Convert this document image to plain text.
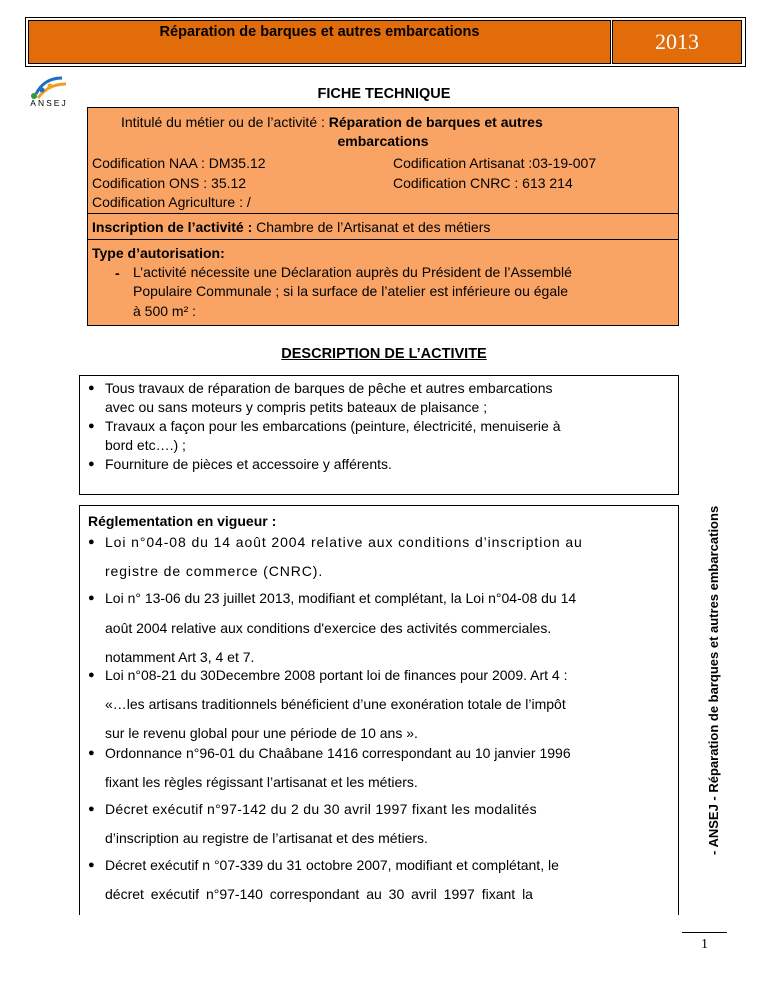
Réparation de barques et autres embarcations	2013
ANSEJ
FICHE TECHNIQUE
Intitulé du métier ou de l’activité : Réparation de barques et autres
embarcations
Codification NAA : DM35.12
Codification ONS : 35.12
Codification Agriculture : /
Codification Artisanat :03-19-007
Codification CNRC : 613 214
Inscription de l’activité : Chambre de l’Artisanat et des métiers
Type d’autorisation:
- L’activité nécessite une Déclaration auprès du Président de l’Assemblé
Populaire Communale ; si la surface de l’atelier est inférieure ou égale
à 500 m² :
DESCRIPTION DE L’ACTIVITE
● Tous travaux de réparation de barques de pêche et autres embarcations
avec ou sans moteurs y compris petits bateaux de plaisance ;
● Travaux a façon pour les embarcations (peinture, électricité, menuiserie à
bord etc….) ;
● Fourniture de pièces et accessoire y afférents.
Réglementation en vigueur :
● Loi n°04-08 du 14 août 2004 relative aux conditions d’inscription au
registre de commerce (CNRC).
● Loi n° 13-06 du 23 juillet 2013, modifiant et complétant, la Loi n°04-08 du 14
août 2004 relative aux conditions d'exercice des activités commerciales.
notamment Art 3, 4 et 7.
● Loi n°08-21 du 30Decembre 2008 portant loi de finances pour 2009. Art 4 :
«…les artisans traditionnels bénéficient d’une exonération totale de l’impôt
sur le revenu global pour une période de 10 ans ».
● Ordonnance n°96-01 du Chaâbane 1416 correspondant au 10 janvier 1996
fixant les règles régissant l’artisanat et les métiers.
● Décret exécutif n°97-142 du 2 du 30 avril 1997 fixant les modalités
d’inscription au registre de l’artisanat et des métiers.
● Décret exécutif n °07-339 du 31 octobre 2007, modifiant et complétant, le
décret exécutif n°97-140 correspondant au 30 avril 1997 fixant la
- ANSEJ - Réparation de barques et autres embarcations
1
